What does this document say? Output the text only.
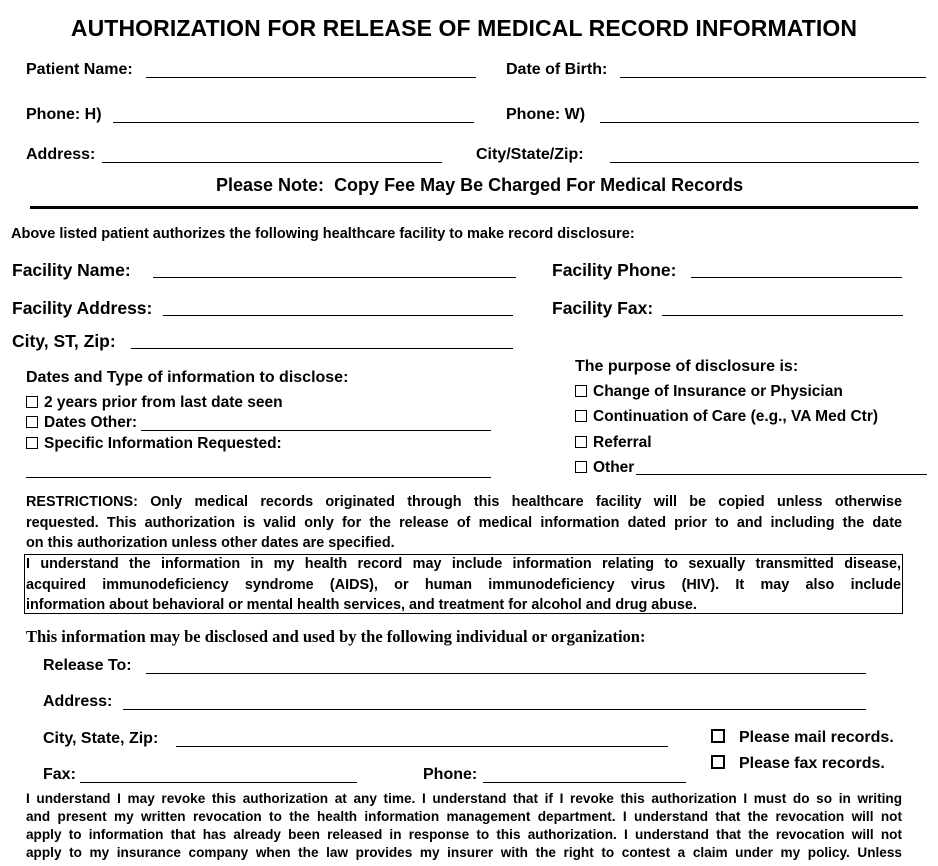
AUTHORIZATION FOR RELEASE OF MEDICAL RECORD INFORMATION
Patient Name:	Date of Birth:
Phone: H)	Phone: W)
Address:	City/State/Zip:
Please Note: Copy Fee May Be Charged For Medical Records
Above listed patient authorizes the following healthcare facility to make record disclosure:
Facility Name:	Facility Phone:
Facility Address:	Facility Fax:
City, ST, Zip:
Dates and Type of information to disclose:
2 years prior from last date seen
Dates Other:
Specific Information Requested:
The purpose of disclosure is:
Change of Insurance or Physician
Continuation of Care (e.g., VA Med Ctr)
Referral
Other
RESTRICTIONS: Only medical records originated through this healthcare facility will be copied unless otherwise
requested. This authorization is valid only for the release of medical information dated prior to and including the date
on this authorization unless other dates are specified.
I understand the information in my health record may include information relating to sexually transmitted disease,
acquired immunodeficiency syndrome (AIDS), or human immunodeficiency virus (HIV). It may also include
information about behavioral or mental health services, and treatment for alcohol and drug abuse.
This information may be disclosed and used by the following individual or organization:
Release To:
Address:
City, State, Zip:	Please mail records.
Please fax records.
Fax:	Phone:
I understand I may revoke this authorization at any time. I understand that if I revoke this authorization I must do so in writing
and present my written revocation to the health information management department. I understand that the revocation will not
apply to information that has already been released in response to this authorization. I understand that the revocation will not
apply to my insurance company when the law provides my insurer with the right to contest a claim under my policy. Unless
